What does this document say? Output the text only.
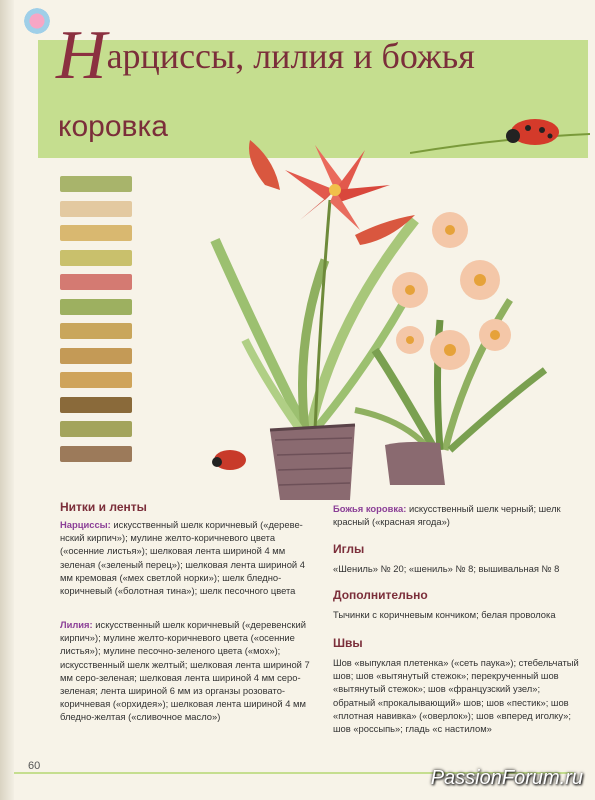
Нарциссы, лилия и божья
коровка
Нитки и ленты
Нарциссы: искусственный шелк коричневый («дереве-нский кирпич»); мулине желто-коричневого цвета («осенние листья»); шелковая лента шириной 4 мм зеленая («зеленый перец»); шелковая лента шириной 4 мм кремовая («мех светлой норки»); шелк бледно-коричневый («болотная тина»); шелк песочного цвета
Лилия: искусственный шелк коричневый («деревенский кирпич»); мулине желто-коричневого цвета («осенние листья»); мулине песочно-зеленого цвета («мох»); искусственный шелк желтый; шелковая лента шириной 7 мм серо-зеленая; шелковая лента шириной 4 мм серо-зеленая; лента шириной 6 мм из органзы розовато-коричневая («орхидея»); шелковая лента шириной 4 мм бледно-желтая («сливочное масло»)
Божья коровка: искусственный шелк черный; шелк красный («красная ягода»)
Иглы
«Шениль» № 20; «шениль» № 8; вышивальная № 8
Дополнительно
Тычинки с коричневым кончиком; белая проволока
Швы
Шов «выпуклая плетенка» («сеть паука»); стебельчатый шов; шов «вытянутый стежок»; перекрученный шов «вытянутый стежок»; шов «французский узел»; обратный «прокалывающий» шов; шов «пестик»; шов «плотная навивка» («оверлок»); шов «вперед иголку»; шов «россыпь»; гладь «с настилом»
60
PassionForum.ru
